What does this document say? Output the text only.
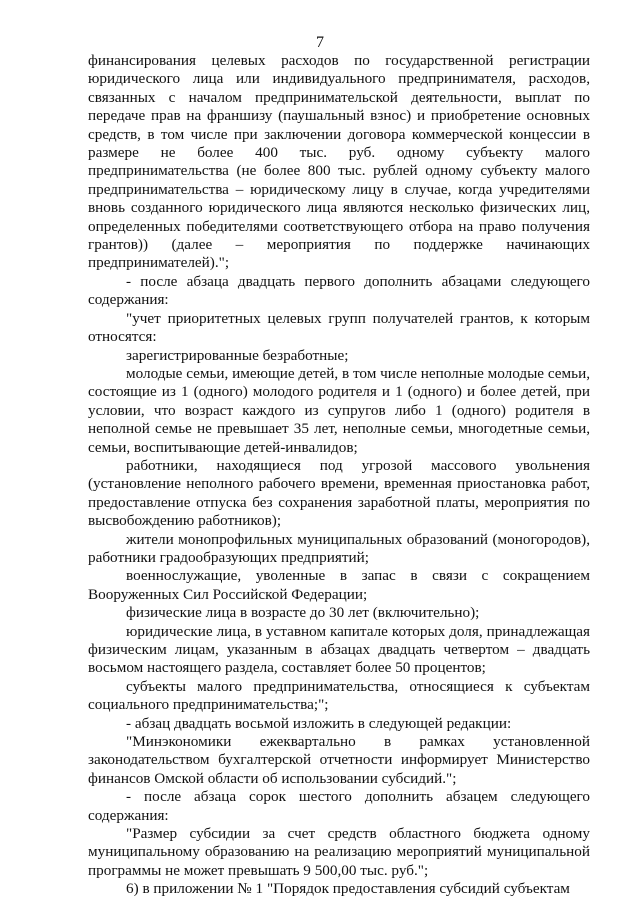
7

финансирования целевых расходов по государственной регистрации юридического лица или индивидуального предпринимателя, расходов, связанных с началом предпринимательской деятельности, выплат по передаче прав на франшизу (паушальный взнос) и приобретение основных средств, в том числе при заключении договора коммерческой концессии в размере не более 400 тыс. руб. одному субъекту малого предпринимательства (не более 800 тыс. рублей одному субъекту малого предпринимательства – юридическому лицу в случае, когда учредителями вновь созданного юридического лица являются несколько физических лиц, определенных победителями соответствующего отбора на право получения грантов)) (далее – мероприятия по поддержке начинающих предпринимателей).";

- после абзаца двадцать первого дополнить абзацами следующего содержания:

"учет приоритетных целевых групп получателей грантов, к которым относятся:

зарегистрированные безработные;

молодые семьи, имеющие детей, в том числе неполные молодые семьи, состоящие из 1 (одного) молодого родителя и 1 (одного) и более детей, при условии, что возраст каждого из супругов либо 1 (одного) родителя в неполной семье не превышает 35 лет, неполные семьи, многодетные семьи, семьи, воспитывающие детей-инвалидов;

работники, находящиеся под угрозой массового увольнения (установление неполного рабочего времени, временная приостановка работ, предоставление отпуска без сохранения заработной платы, мероприятия по высвобождению работников);

жители монопрофильных муниципальных образований (моногородов), работники градообразующих предприятий;

военнослужащие, уволенные в запас в связи с сокращением Вооруженных Сил Российской Федерации;

физические лица в возрасте до 30 лет (включительно);

юридические лица, в уставном капитале которых доля, принадлежащая физическим лицам, указанным в абзацах двадцать четвертом – двадцать восьмом настоящего раздела, составляет более 50 процентов;

субъекты малого предпринимательства, относящиеся к субъектам социального предпринимательства;";

- абзац двадцать восьмой изложить в следующей редакции:

"Минэкономики ежеквартально в рамках установленной законодательством бухгалтерской отчетности информирует Министерство финансов Омской области об использовании субсидий.";

- после абзаца сорок шестого дополнить абзацем следующего содержания:

"Размер субсидии за счет средств областного бюджета одному муниципальному образованию на реализацию мероприятий муниципальной программы не может превышать 9 500,00 тыс. руб.";

6) в приложении № 1 "Порядок предоставления субсидий субъектам
